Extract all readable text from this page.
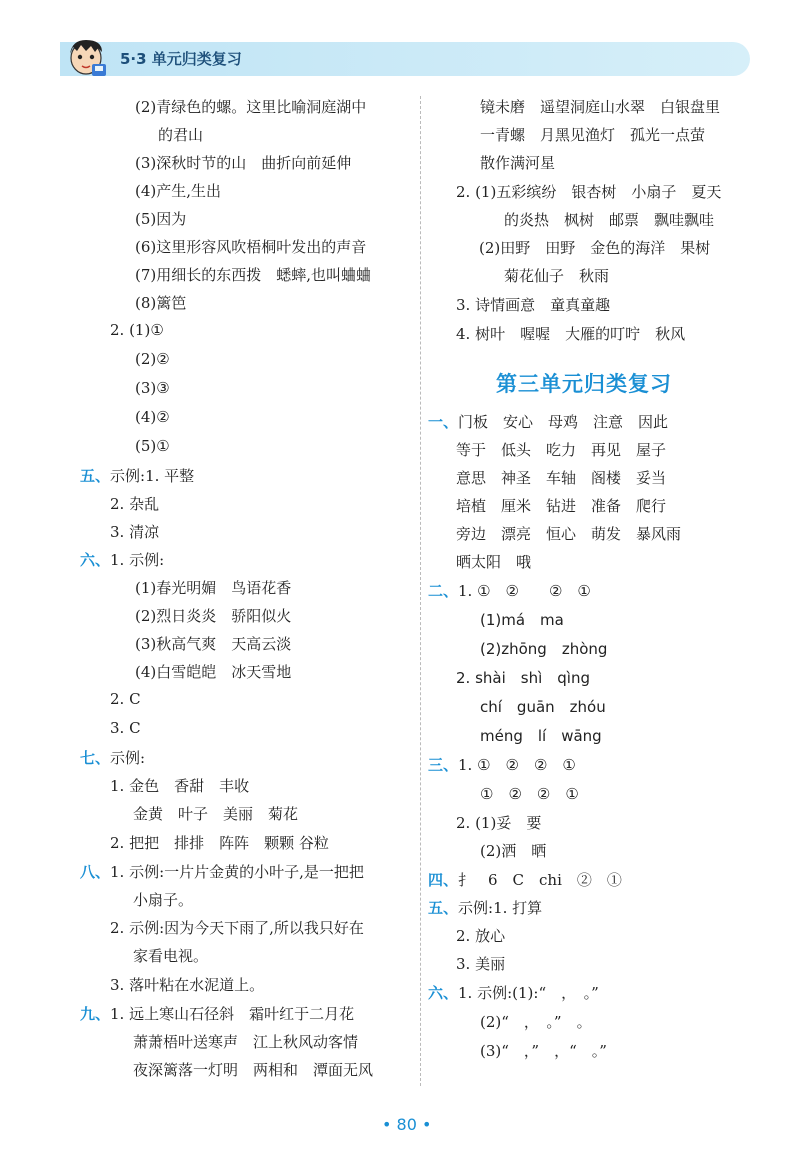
5·3 单元归类复习
(2)青绿色的螺。这里比喻洞庭湖中
的君山
(3)深秋时节的山　曲折向前延伸
(4)产生,生出
(5)因为
(6)这里形容风吹梧桐叶发出的声音
(7)用细长的东西拨　蟋蟀,也叫蛐蛐
(8)篱笆
2. (1)①
(2)②
(3)③
(4)②
(5)①
五、示例:1. 平整
2. 杂乱
3. 清凉
六、1. 示例:
(1)春光明媚　鸟语花香
(2)烈日炎炎　骄阳似火
(3)秋高气爽　天高云淡
(4)白雪皑皑　冰天雪地
2. C
3. C
七、示例:
1. 金色　香甜　丰收
金黄　叶子　美丽　菊花
2. 把把　排排　阵阵　颗颗 谷粒
八、1. 示例:一片片金黄的小叶子,是一把把
小扇子。
2. 示例:因为今天下雨了,所以我只好在
家看电视。
3. 落叶粘在水泥道上。
九、1. 远上寒山石径斜　霜叶红于二月花
萧萧梧叶送寒声　江上秋风动客情
夜深篱落一灯明　两相和　潭面无风
镜未磨　遥望洞庭山水翠　白银盘里
一青螺　月黑见渔灯　孤光一点萤
散作满河星
2. (1)五彩缤纷　银杏树　小扇子　夏天
的炎热　枫树　邮票　飘哇飘哇
(2)田野　田野　金色的海洋　果树
菊花仙子　秋雨
3. 诗情画意　童真童趣
4. 树叶　喔喔　大雁的叮咛　秋风
一、门板　安心　母鸡　注意　因此
等于　低头　吃力　再见　屋子
意思　神圣　车轴　阁楼　妥当
培植　厘米　钻进　准备　爬行
旁边　漂亮　恒心　萌发　暴风雨
晒太阳　哦
二、1. ①　②　　②　①
(1)má　ma
(2)zhōng　zhòng
2. shài　shì　qìng
chí　guān　zhóu
méng　lí　wāng
三、1. ①　②　②　①
①　②　②　①
2. (1)妥　要
(2)洒　晒
四、扌　6　C　chi　②　①
五、示例:1. 打算
2. 放心
3. 美丽
六、1. 示例:(1):“　，　。”
(2)“　，　。”　。
(3)“　，”　，“　。”
第三单元归类复习
• 80 •
